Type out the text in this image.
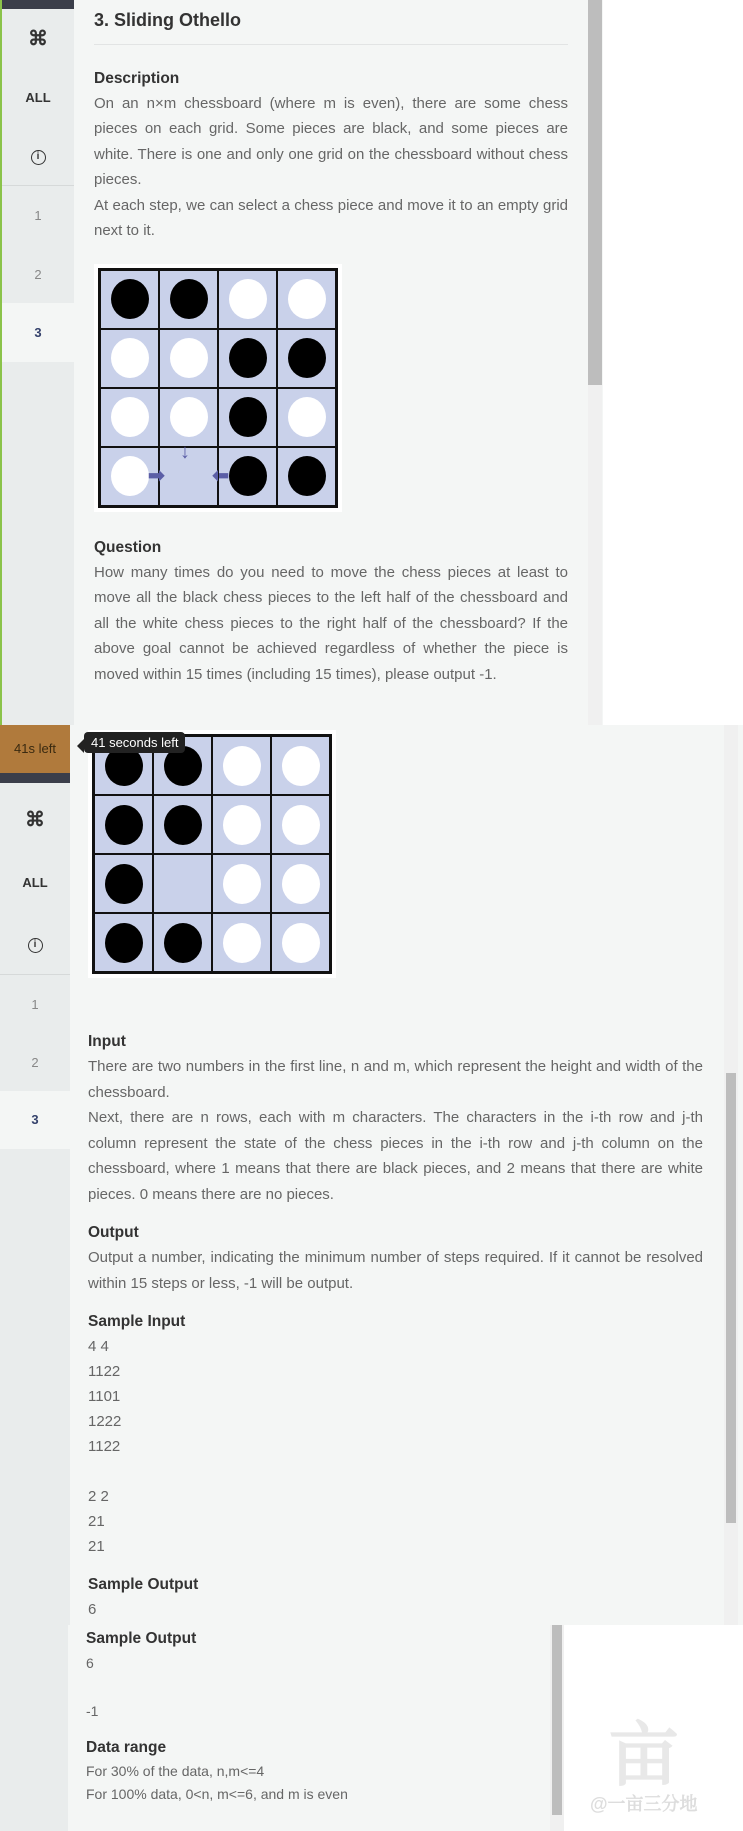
⌘
ALL
i
1
2
3
3. Sliding Othello
Description

On an n×m chessboard (where m is even), there are some chess pieces on each grid. Some pieces are black, and some pieces are white. There is one and only one grid on the chessboard without chess pieces.

At each step, we can select a chess piece and move it to an empty grid next to it.

↓
➡ ⬅
Question

How many times do you need to move the chess pieces at least to move all the black chess pieces to the left half of the chessboard and all the white chess pieces to the right half of the chessboard? If the above goal cannot be achieved regardless of whether the piece is moved within 15 times (including 15 times), please output -1.

41s left
⌘
ALL
i
1
2
3
Input

There are two numbers in the first line, n and m, which represent the height and width of the chessboard.

Next, there are n rows, each with m characters. The characters in the i-th row and j-th column represent the state of the chess pieces in the i-th row and j-th column on the chessboard, where 1 means that there are black pieces, and 2 means that there are white pieces. 0 means there are no pieces.

Output

Output a number, indicating the minimum number of steps required. If it cannot be resolved within 15 steps or less, -1 will be output.

Sample Input
4 4
1122
1101
1222
1122

2 2
21
21
Sample Output
6
41 seconds left
Sample Output
6
-1
Data range

For 30% of the data, n,m<=4

For 100% data, 0<n, m<=6, and m is even	亩
@一亩三分地
